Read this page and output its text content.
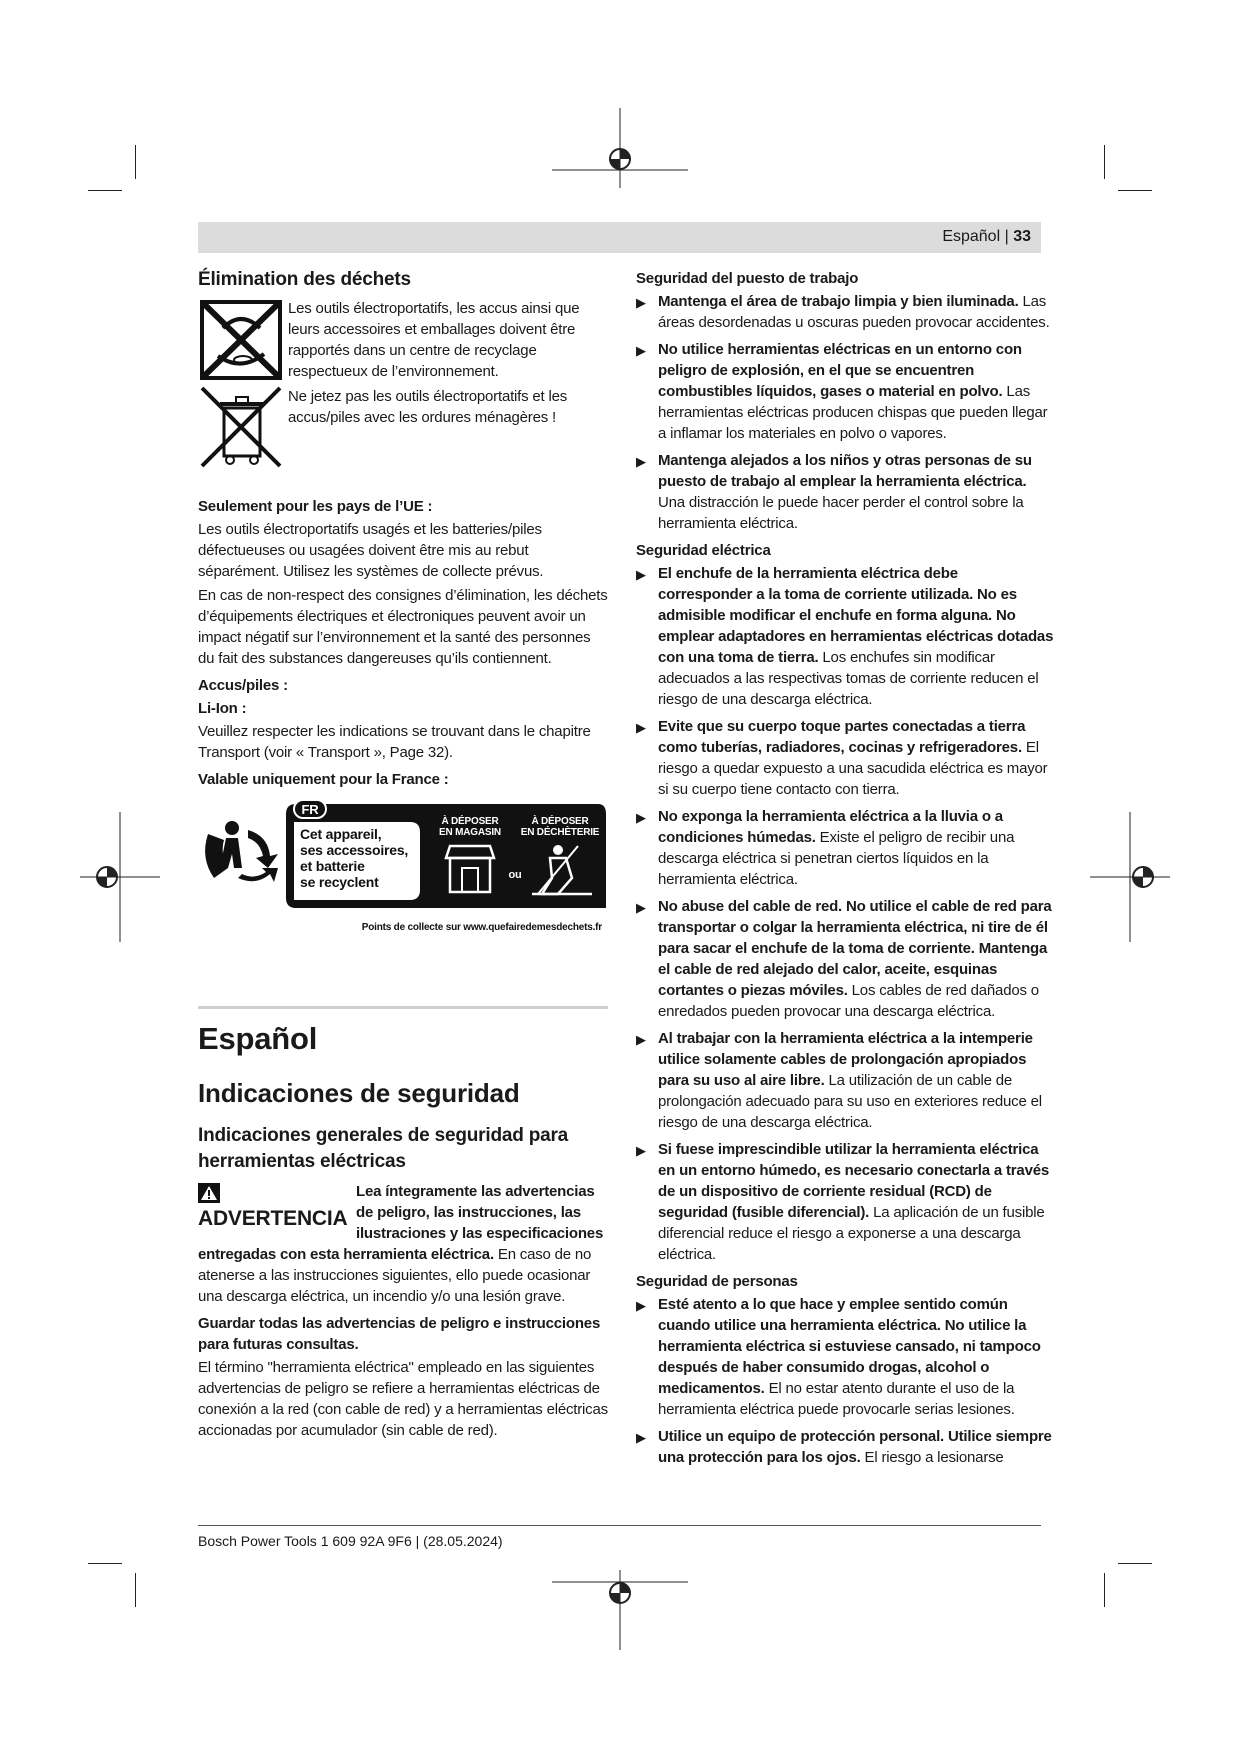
Español | 33
Élimination des déchets
Les outils électroportatifs, les accus ainsi que leurs accessoires et emballages doivent être rapportés dans un centre de recyclage respectueux de l’environnement.
Ne jetez pas les outils électroportatifs et les accus/piles avec les ordures ménagères !
Seulement pour les pays de l’UE :

Les outils électroportatifs usagés et les batteries/piles défectueuses ou usagées doivent être mis au rebut séparément. Utilisez les systèmes de collecte prévus.

En cas de non-respect des consignes d’élimination, les déchets d’équipements électriques et électroniques peuvent avoir un impact négatif sur l’environnement et la santé des personnes du fait des substances dangereuses qu’ils contiennent.

Accus/piles :
Li-Ion :

Veuillez respecter les indications se trouvant dans le chapitre Transport (voir « Transport », Page 32).

Valable uniquement pour la France :
FR
Cet appareil,
ses accessoires,
et batterie
se recyclent
À DÉPOSER
EN MAGASIN
À DÉPOSER
EN DÉCHÈTERIE
ou
Points de collecte sur www.quefairedemesdechets.fr
Español
Indicaciones de seguridad
Indicaciones generales de seguridad para herramientas eléctricas
ADVERTENCIA

Lea íntegramente las advertencias de peligro, las instrucciones, las ilustraciones y las especificaciones entregadas con esta herramienta eléctrica. En caso de no atenerse a las instrucciones siguientes, ello puede ocasionar una descarga eléctrica, un incendio y/o una lesión grave.

Guardar todas las advertencias de peligro e instrucciones para futuras consultas.

El término "herramienta eléctrica" empleado en las siguientes advertencias de peligro se refiere a herramientas eléctricas de conexión a la red (con cable de red) y a herramientas eléctricas accionadas por acumulador (sin cable de red).

Seguridad del puesto de trabajo
▶ Mantenga el área de trabajo limpia y bien iluminada. Las áreas desordenadas u oscuras pueden provocar accidentes.
▶ No utilice herramientas eléctricas en un entorno con peligro de explosión, en el que se encuentren combustibles líquidos, gases o material en polvo. Las herramientas eléctricas producen chispas que pueden llegar a inflamar los materiales en polvo o vapores.
▶ Mantenga alejados a los niños y otras personas de su puesto de trabajo al emplear la herramienta eléctrica. Una distracción le puede hacer perder el control sobre la herramienta eléctrica.
Seguridad eléctrica
▶ El enchufe de la herramienta eléctrica debe corresponder a la toma de corriente utilizada. No es admisible modificar el enchufe en forma alguna. No emplear adaptadores en herramientas eléctricas dotadas con una toma de tierra. Los enchufes sin modificar adecuados a las respectivas tomas de corriente reducen el riesgo de una descarga eléctrica.
▶ Evite que su cuerpo toque partes conectadas a tierra como tuberías, radiadores, cocinas y refrigeradores. El riesgo a quedar expuesto a una sacudida eléctrica es mayor si su cuerpo tiene contacto con tierra.
▶ No exponga la herramienta eléctrica a la lluvia o a condiciones húmedas. Existe el peligro de recibir una descarga eléctrica si penetran ciertos líquidos en la herramienta eléctrica.
▶ No abuse del cable de red. No utilice el cable de red para transportar o colgar la herramienta eléctrica, ni tire de él para sacar el enchufe de la toma de corriente. Mantenga el cable de red alejado del calor, aceite, esquinas cortantes o piezas móviles. Los cables de red dañados o enredados pueden provocar una descarga eléctrica.
▶ Al trabajar con la herramienta eléctrica a la intemperie utilice solamente cables de prolongación apropiados para su uso al aire libre. La utilización de un cable de prolongación adecuado para su uso en exteriores reduce el riesgo de una descarga eléctrica.
▶ Si fuese imprescindible utilizar la herramienta eléctrica en un entorno húmedo, es necesario conectarla a través de un dispositivo de corriente residual (RCD) de seguridad (fusible diferencial). La aplicación de un fusible diferencial reduce el riesgo a exponerse a una descarga eléctrica.
Seguridad de personas
▶ Esté atento a lo que hace y emplee sentido común cuando utilice una herramienta eléctrica. No utilice la herramienta eléctrica si estuviese cansado, ni tampoco después de haber consumido drogas, alcohol o medicamentos. El no estar atento durante el uso de la herramienta eléctrica puede provocarle serias lesiones.
▶ Utilice un equipo de protección personal. Utilice siempre una protección para los ojos. El riesgo a lesionarse
Bosch Power Tools 1 609 92A 9F6 | (28.05.2024)
